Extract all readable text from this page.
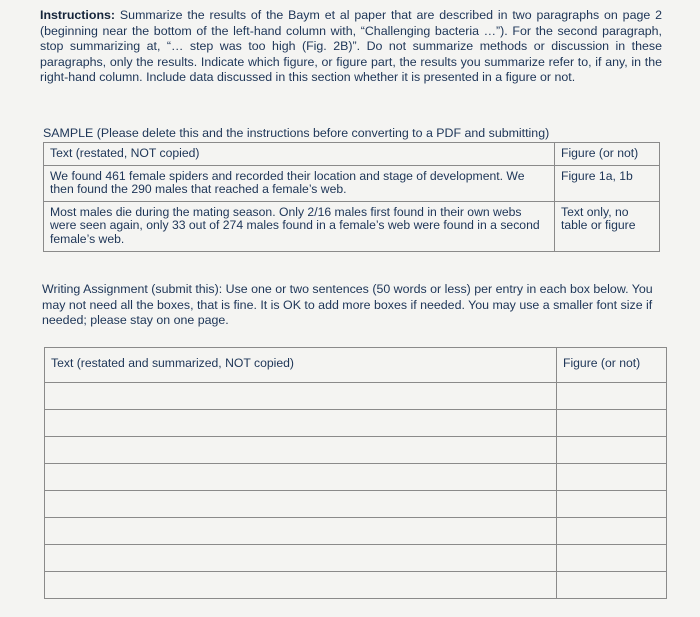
Instructions: Summarize the results of the Baym et al paper that are described in two paragraphs on page 2 (beginning near the bottom of the left-hand column with, “Challenging bacteria …”). For the second paragraph, stop summarizing at, “… step was too high (Fig. 2B)”. Do not summarize methods or discussion in these paragraphs, only the results. Indicate which figure, or figure part, the results you summarize refer to, if any, in the right-hand column. Include data discussed in this section whether it is presented in a figure or not.
SAMPLE (Please delete this and the instructions before converting to a PDF and submitting)
Text (restated, NOT copied)	Figure (or not)
We found 461 female spiders and recorded their location and stage of development. We then found the 290 males that reached a female’s web.	Figure 1a, 1b
Most males die during the mating season. Only 2/16 males first found in their own webs were seen again, only 33 out of 274 males found in a female’s web were found in a second female’s web.	Text only, no table or figure
Writing Assignment (submit this): Use one or two sentences (50 words or less) per entry in each box below. You may not need all the boxes, that is fine. It is OK to add more boxes if needed. You may use a smaller font size if needed; please stay on one page.
Text (restated and summarized, NOT copied)	Figure (or not)
